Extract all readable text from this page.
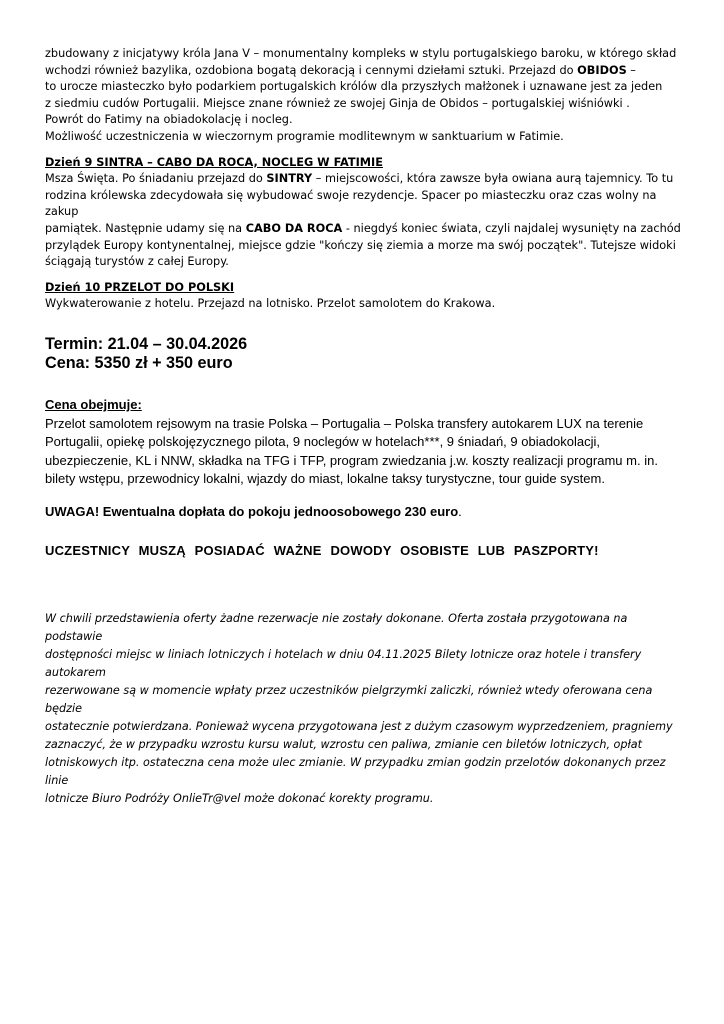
zbudowany z inicjatywy króla Jana V – monumentalny kompleks w stylu portugalskiego baroku, w którego skład

wchodzi również bazylika, ozdobiona bogatą dekoracją i cennymi dziełami sztuki. Przejazd do OBIDOS –

to urocze miasteczko było podarkiem portugalskich królów dla przyszłych małżonek i uznawane jest za jeden

z siedmiu cudów Portugalii. Miejsce znane również ze swojej Ginja de Obidos – portugalskiej wiśniówki .

Powrót do Fatimy na obiadokolację i nocleg.

Możliwość uczestniczenia w wieczornym programie modlitewnym w sanktuarium w Fatimie.

Dzień 9 SINTRA – CABO DA ROCA, NOCLEG W FATIMIE

Msza Święta. Po śniadaniu przejazd do SINTRY – miejscowości, która zawsze była owiana aurą tajemnicy. To tu

rodzina królewska zdecydowała się wybudować swoje rezydencje. Spacer po miasteczku oraz czas wolny na zakup

pamiątek. Następnie udamy się na CABO DA ROCA - niegdyś koniec świata, czyli najdalej wysunięty na zachód

przylądek Europy kontynentalnej, miejsce gdzie "kończy się ziemia a morze ma swój początek". Tutejsze widoki

ściągają turystów z całej Europy.

Dzień 10 PRZELOT DO POLSKI

Wykwaterowanie z hotelu. Przejazd na lotnisko. Przelot samolotem do Krakowa.

Termin: 21.04 – 30.04.2026

Cena: 5350 zł + 350 euro

Cena obejmuje:

Przelot samolotem rejsowym na trasie Polska – Portugalia – Polska transfery autokarem LUX na terenie

Portugalii, opiekę polskojęzycznego pilota, 9 noclegów w hotelach***, 9 śniadań, 9 obiadokolacji,

ubezpieczenie, KL i NNW, składka na TFG i TFP, program zwiedzania j.w. koszty realizacji programu m. in.

bilety wstępu, przewodnicy lokalni, wjazdy do miast, lokalne taksy turystyczne, tour guide system.

UWAGA! Ewentualna dopłata do pokoju jednoosobowego 230 euro.

UCZESTNICY MUSZĄ POSIADAĆ WAŻNE DOWODY OSOBISTE LUB PASZPORTY!

W chwili przedstawienia oferty żadne rezerwacje nie zostały dokonane. Oferta została przygotowana na podstawie

dostępności miejsc w liniach lotniczych i hotelach w dniu 04.11.2025 Bilety lotnicze oraz hotele i transfery autokarem

rezerwowane są w momencie wpłaty przez uczestników pielgrzymki zaliczki, również wtedy oferowana cena będzie

ostatecznie potwierdzana. Ponieważ wycena przygotowana jest z dużym czasowym wyprzedzeniem, pragniemy

zaznaczyć, że w przypadku wzrostu kursu walut, wzrostu cen paliwa, zmianie cen biletów lotniczych, opłat

lotniskowych itp. ostateczna cena może ulec zmianie. W przypadku zmian godzin przelotów dokonanych przez linie

lotnicze Biuro Podróży OnlieTr@vel może dokonać korekty programu.
